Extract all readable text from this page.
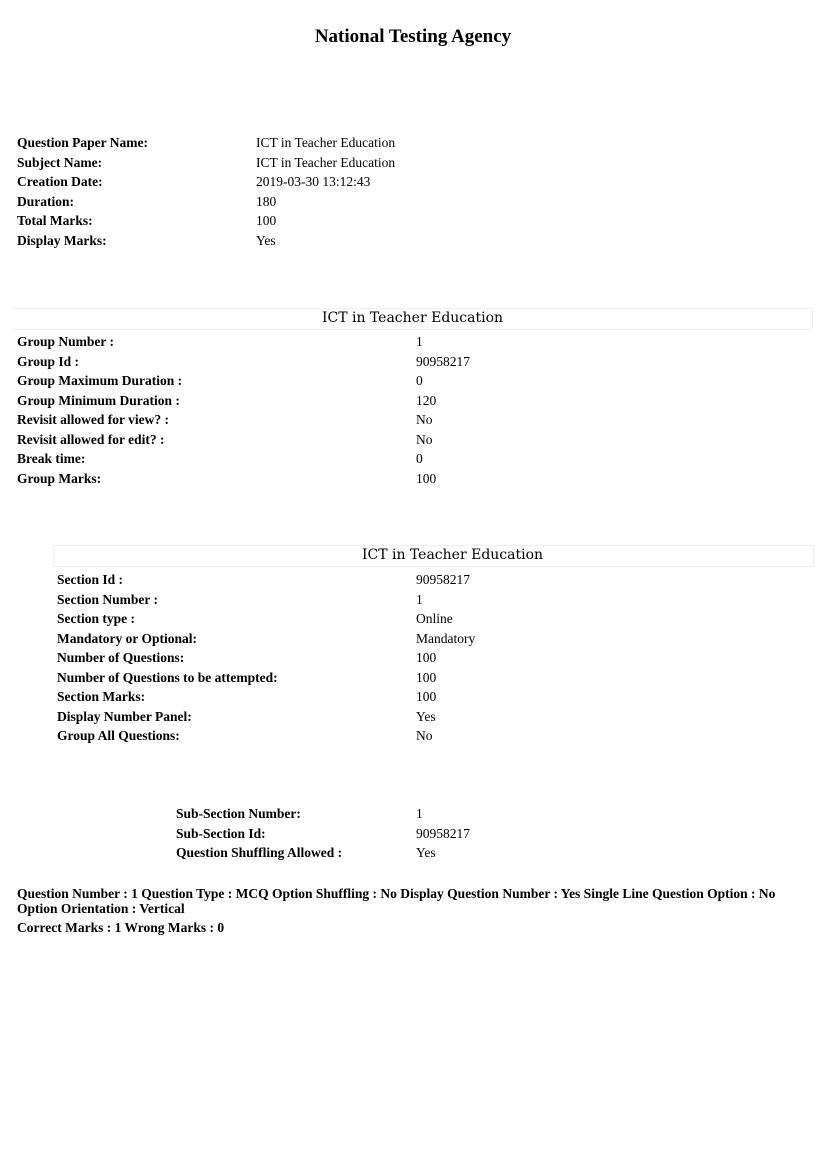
National Testing Agency
Question Paper Name:	ICT in Teacher Education
Subject Name:	ICT in Teacher Education
Creation Date:	2019-03-30 13:12:43
Duration:	180
Total Marks:	100
Display Marks:	Yes
ICT in Teacher Education
Group Number :	1
Group Id :	90958217
Group Maximum Duration :	0
Group Minimum Duration :	120
Revisit allowed for view? :	No
Revisit allowed for edit? :	No
Break time:	0
Group Marks:	100
ICT in Teacher Education
Section Id :	90958217
Section Number :	1
Section type :	Online
Mandatory or Optional:	Mandatory
Number of Questions:	100
Number of Questions to be attempted:	100
Section Marks:	100
Display Number Panel:	Yes
Group All Questions:	No
Sub-Section Number:	1
Sub-Section Id:	90958217
Question Shuffling Allowed :	Yes
Question Number : 1 Question Type : MCQ Option Shuffling : No Display Question Number : Yes Single Line Question Option : No Option Orientation : Vertical
Correct Marks : 1 Wrong Marks : 0
